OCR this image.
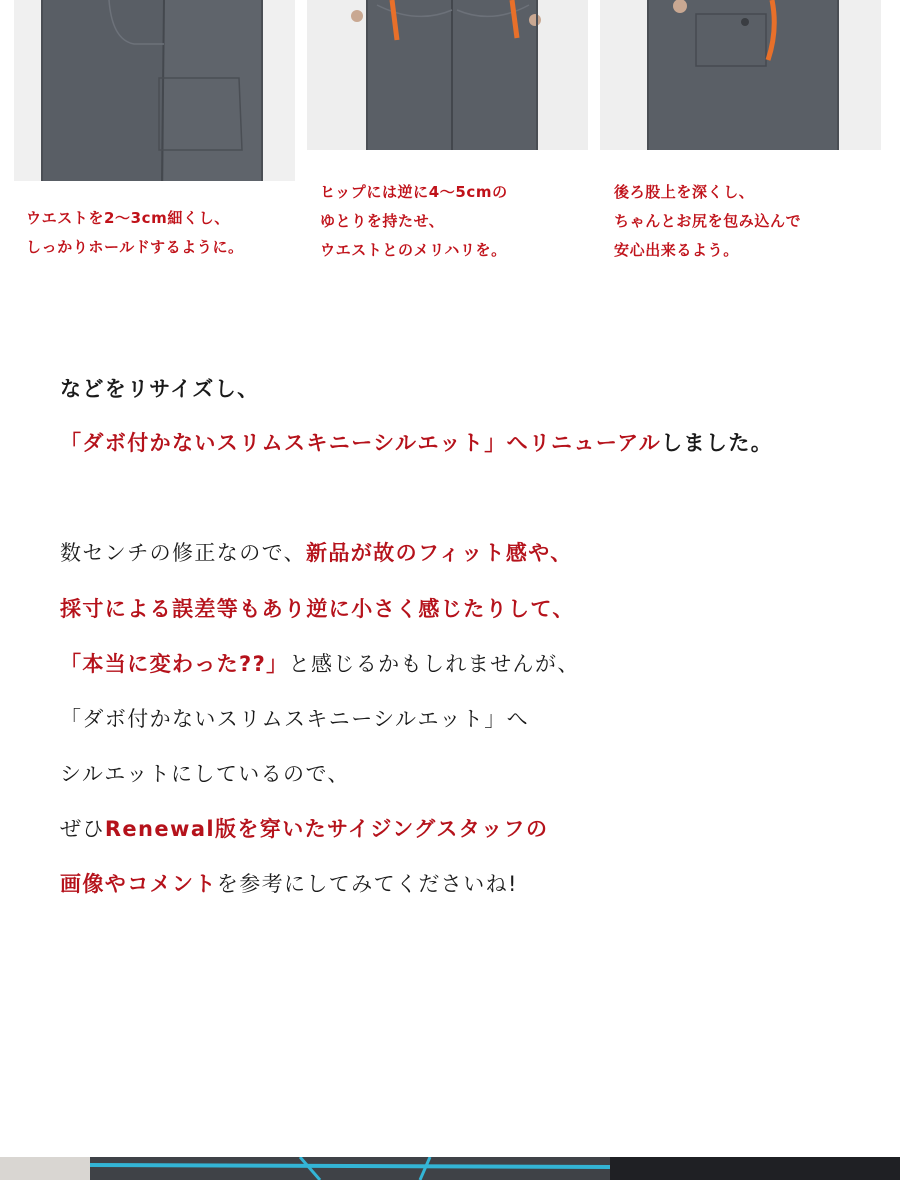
ウエストを2〜3cm細くし、
しっかりホールドするように。
ヒップには逆に4〜5cmの
ゆとりを持たせ、
ウエストとのメリハリを。
後ろ股上を深くし、
ちゃんとお尻を包み込んで
安心出来るよう。
などをリサイズし、
「ダボ付かないスリムスキニーシルエット」へリニューアルしました。
数センチの修正なので、新品が故のフィット感や、
採寸による誤差等もあり逆に小さく感じたりして、
「本当に変わった??」と感じるかもしれませんが、
「ダボ付かないスリムスキニーシルエット」へ
シルエットにしているので、
ぜひRenewal版を穿いたサイジングスタッフの
画像やコメントを参考にしてみてくださいね!
